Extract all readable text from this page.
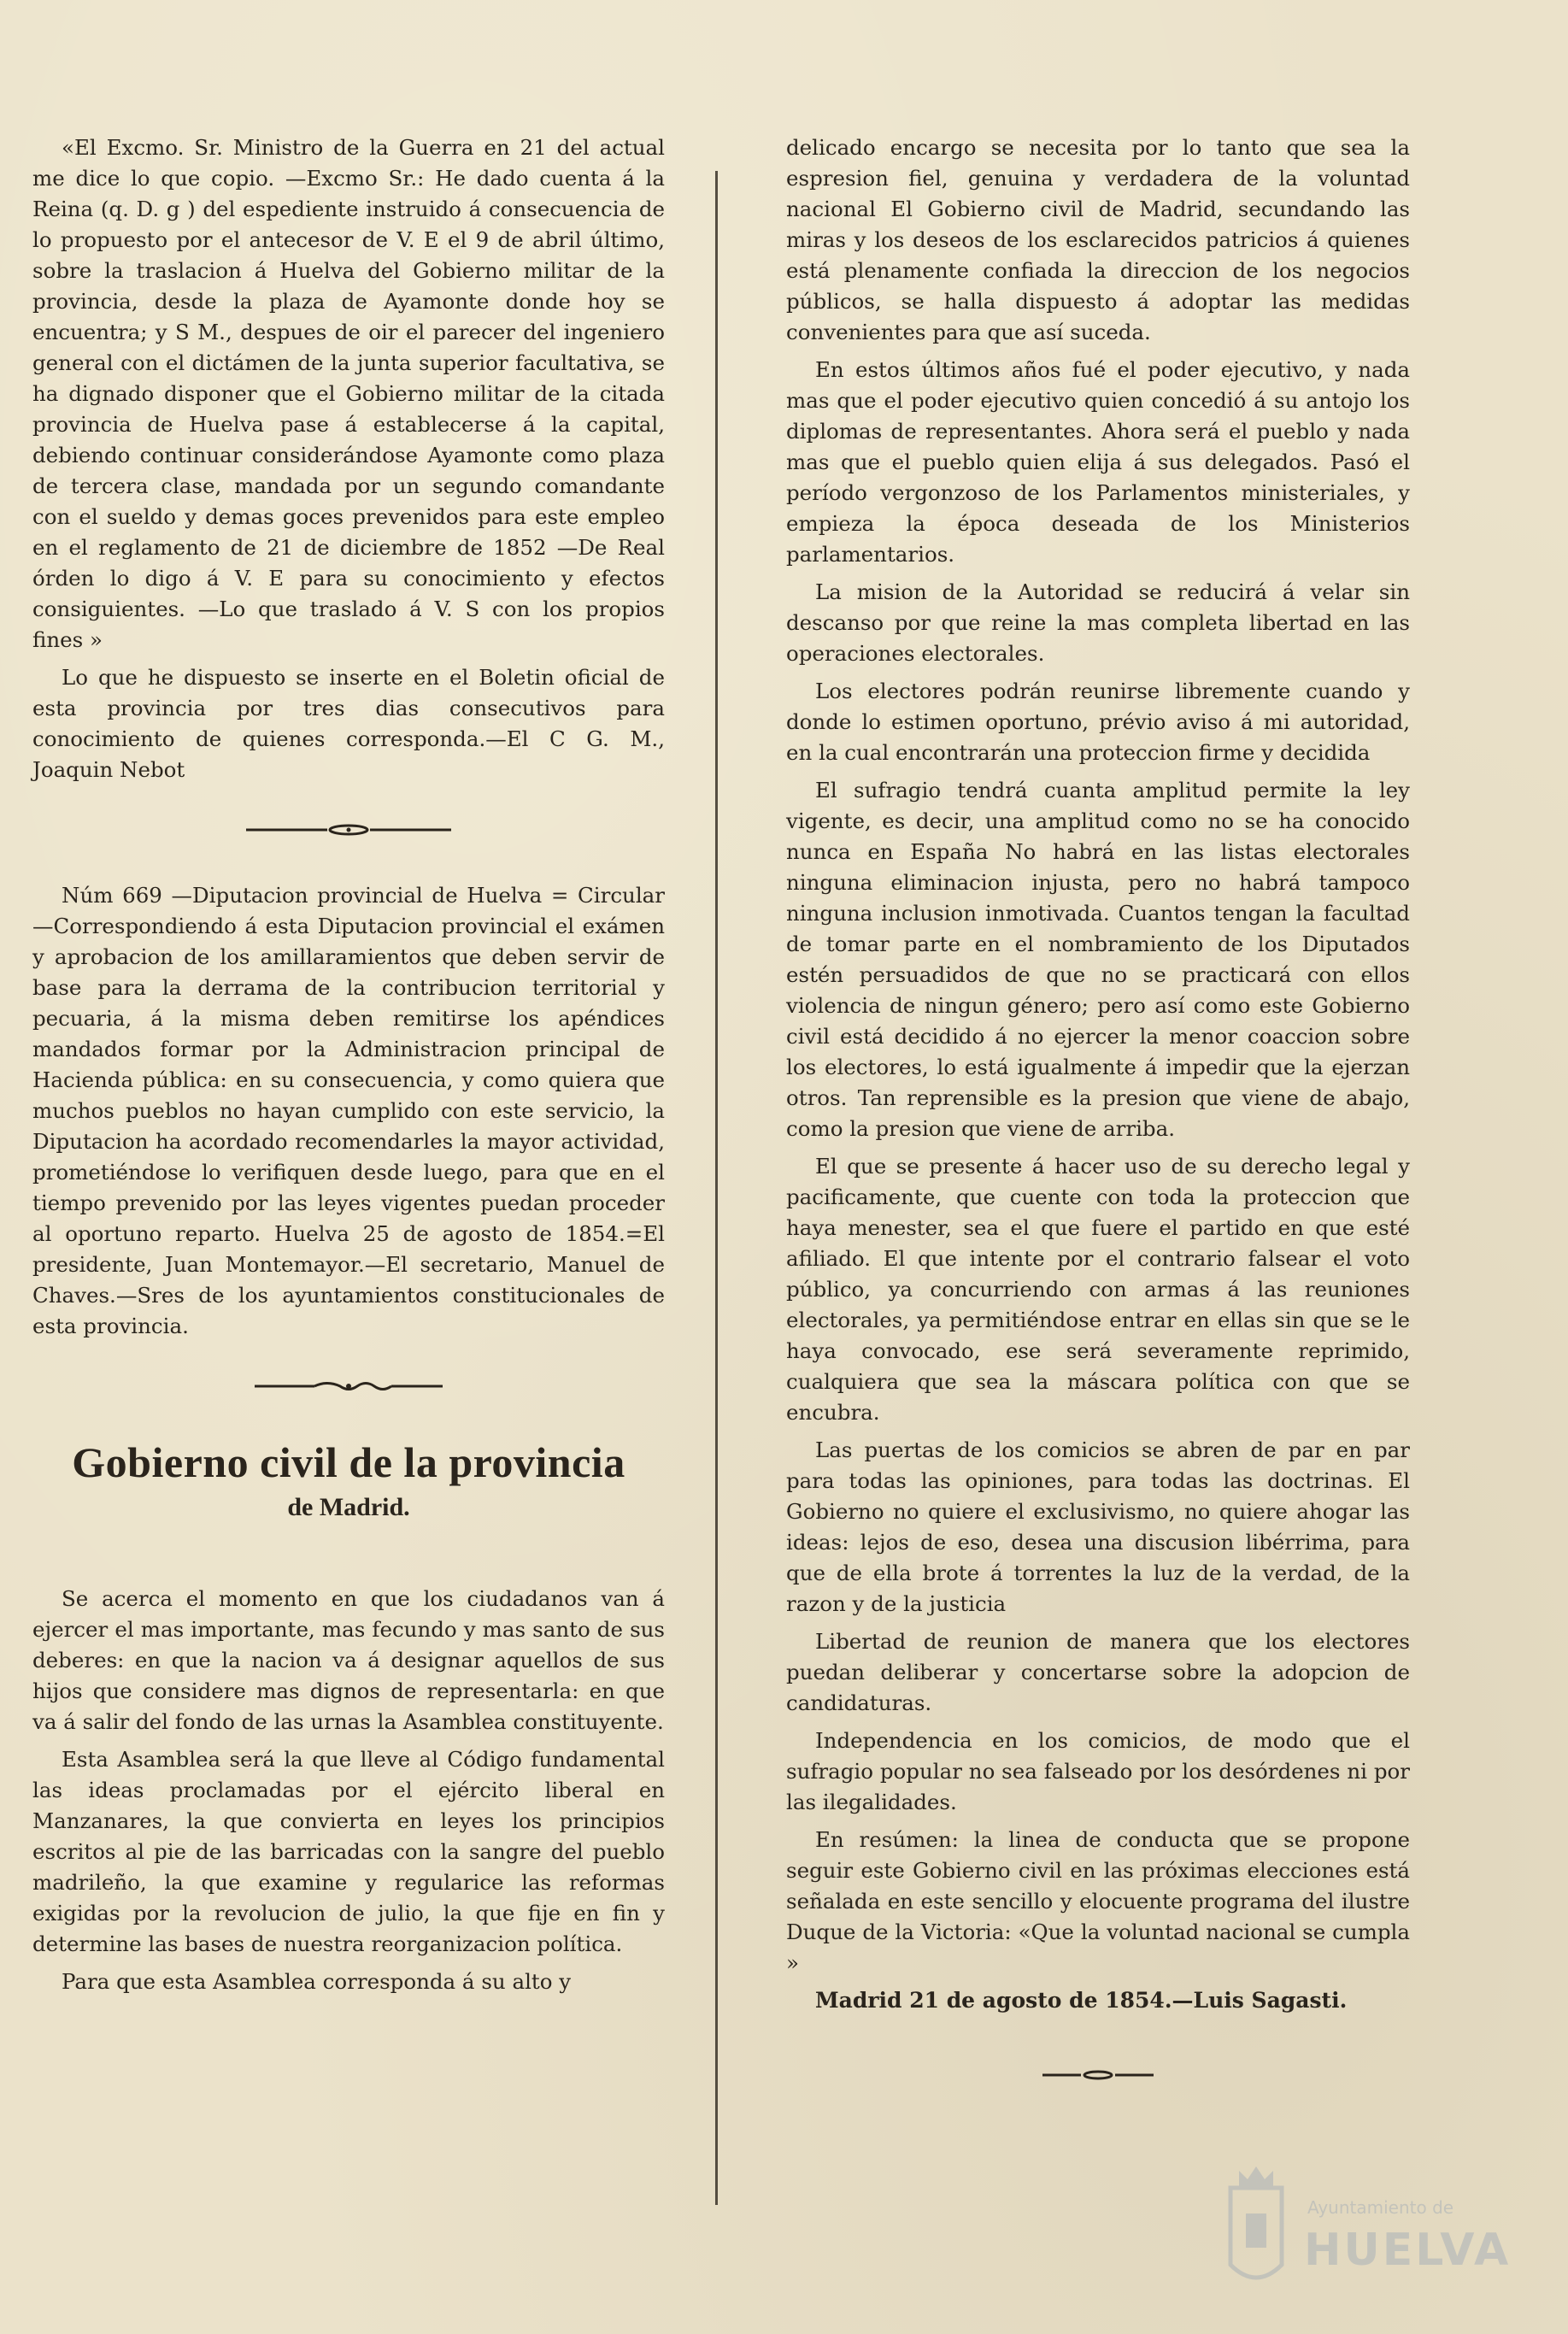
«El Excmo. Sr. Ministro de la Guerra en 21 del actual me dice lo que copio. —Excmo Sr.: He dado cuenta á la Reina (q. D. g ) del espediente instruido á consecuencia de lo propuesto por el antecesor de V. E el 9 de abril último, sobre la traslacion á Huelva del Gobierno militar de la provincia, desde la plaza de Ayamonte donde hoy se encuentra; y S M., despues de oir el parecer del ingeniero general con el dictámen de la junta superior facultativa, se ha dignado disponer que el Gobierno militar de la citada provincia de Huelva pase á establecerse á la capital, debiendo continuar considerándose Ayamonte como plaza de tercera clase, mandada por un segundo comandante con el sueldo y demas goces prevenidos para este empleo en el reglamento de 21 de diciembre de 1852 —De Real órden lo digo á V. E para su conocimiento y efectos consiguientes. —Lo que traslado á V. S con los propios fines »

Lo que he dispuesto se inserte en el Boletin oficial de esta provincia por tres dias consecutivos para conocimiento de quienes corresponda.—El C G. M., Joaquin Nebot

Núm 669 —Diputacion provincial de Huelva = Circular —Correspondiendo á esta Diputacion provincial el exámen y aprobacion de los amillaramientos que deben servir de base para la derrama de la contribucion territorial y pecuaria, á la misma deben remitirse los apéndices mandados formar por la Administracion principal de Hacienda pública: en su consecuencia, y como quiera que muchos pueblos no hayan cumplido con este servicio, la Diputacion ha acordado recomendarles la mayor actividad, prometiéndose lo verifiquen desde luego, para que en el tiempo prevenido por las leyes vigentes puedan proceder al oportuno reparto. Huelva 25 de agosto de 1854.=El presidente, Juan Montemayor.—El secretario, Manuel de Chaves.—Sres de los ayuntamientos constitucionales de esta provincia.

Gobierno civil de la provincia
de Madrid.

Se acerca el momento en que los ciudadanos van á ejercer el mas importante, mas fecundo y mas santo de sus deberes: en que la nacion va á designar aquellos de sus hijos que considere mas dignos de representarla: en que va á salir del fondo de las urnas la Asamblea constituyente.

Esta Asamblea será la que lleve al Código fundamental las ideas proclamadas por el ejército liberal en Manzanares, la que convierta en leyes los principios escritos al pie de las barricadas con la sangre del pueblo madrileño, la que examine y regularice las reformas exigidas por la revolucion de julio, la que fije en fin y determine las bases de nuestra reorganizacion política.

Para que esta Asamblea corresponda á su alto y

delicado encargo se necesita por lo tanto que sea la espresion fiel, genuina y verdadera de la voluntad nacional El Gobierno civil de Madrid, secundando las miras y los deseos de los esclarecidos patricios á quienes está plenamente confiada la direccion de los negocios públicos, se halla dispuesto á adoptar las medidas convenientes para que así suceda.

En estos últimos años fué el poder ejecutivo, y nada mas que el poder ejecutivo quien concedió á su antojo los diplomas de representantes. Ahora será el pueblo y nada mas que el pueblo quien elija á sus delegados. Pasó el período vergonzoso de los Parlamentos ministeriales, y empieza la época deseada de los Ministerios parlamentarios.

La mision de la Autoridad se reducirá á velar sin descanso por que reine la mas completa libertad en las operaciones electorales.

Los electores podrán reunirse libremente cuando y donde lo estimen oportuno, prévio aviso á mi autoridad, en la cual encontrarán una proteccion firme y decidida

El sufragio tendrá cuanta amplitud permite la ley vigente, es decir, una amplitud como no se ha conocido nunca en España No habrá en las listas electorales ninguna eliminacion injusta, pero no habrá tampoco ninguna inclusion inmotivada. Cuantos tengan la facultad de tomar parte en el nombramiento de los Diputados estén persuadidos de que no se practicará con ellos violencia de ningun género; pero así como este Gobierno civil está decidido á no ejercer la menor coaccion sobre los electores, lo está igualmente á impedir que la ejerzan otros. Tan reprensible es la presion que viene de abajo, como la presion que viene de arriba.

El que se presente á hacer uso de su derecho legal y pacificamente, que cuente con toda la proteccion que haya menester, sea el que fuere el partido en que esté afiliado. El que intente por el contrario falsear el voto público, ya concurriendo con armas á las reuniones electorales, ya permitiéndose entrar en ellas sin que se le haya convocado, ese será severamente reprimido, cualquiera que sea la máscara política con que se encubra.

Las puertas de los comicios se abren de par en par para todas las opiniones, para todas las doctrinas. El Gobierno no quiere el exclusivismo, no quiere ahogar las ideas: lejos de eso, desea una discusion libérrima, para que de ella brote á torrentes la luz de la verdad, de la razon y de la justicia

Libertad de reunion de manera que los electores puedan deliberar y concertarse sobre la adopcion de candidaturas.

Independencia en los comicios, de modo que el sufragio popular no sea falseado por los desórdenes ni por las ilegalidades.

En resúmen: la linea de conducta que se propone seguir este Gobierno civil en las próximas elecciones está señalada en este sencillo y elocuente programa del ilustre Duque de la Victoria: «Que la voluntad nacional se cumpla »

Madrid 21 de agosto de 1854.—Luis Sagasti.

Ayuntamiento de
HUELVA
